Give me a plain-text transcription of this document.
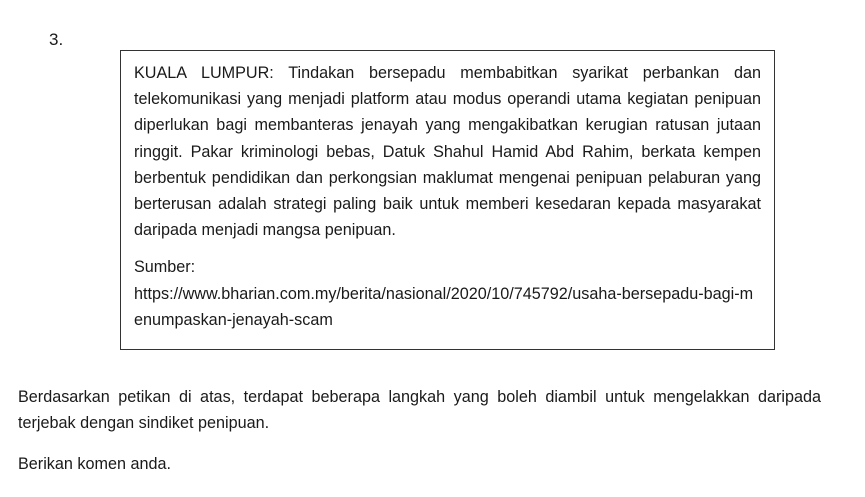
3.

KUALA LUMPUR: Tindakan bersepadu membabitkan syarikat perbankan dan telekomunikasi yang menjadi platform atau modus operandi utama kegiatan penipuan diperlukan bagi membanteras jenayah yang mengakibatkan kerugian ratusan jutaan ringgit. Pakar kriminologi bebas, Datuk Shahul Hamid Abd Rahim, berkata kempen berbentuk pendidikan dan perkongsian maklumat mengenai penipuan pelaburan yang berterusan adalah strategi paling baik untuk memberi kesedaran kepada masyarakat daripada menjadi mangsa penipuan.

Sumber:
https://www.bharian.com.my/berita/nasional/2020/10/745792/usaha-bersepadu-bagi-menumpaskan-jenayah-scam

Berdasarkan petikan di atas, terdapat beberapa langkah yang boleh diambil untuk mengelakkan daripada terjebak dengan sindiket penipuan.

Berikan komen anda.
